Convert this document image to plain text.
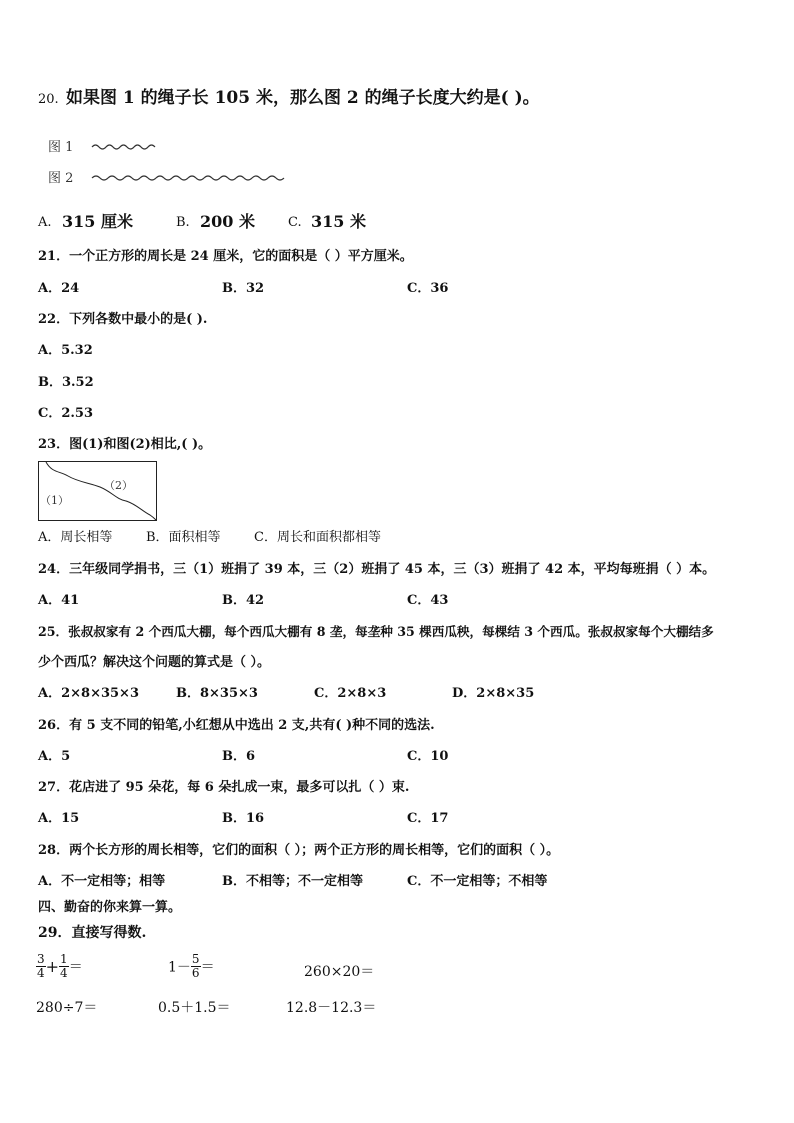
20. 如果图 1 的绳子长 105 米，那么图 2 的绳子长度大约是( )。
图 1
图 2
A. 315 厘米	B. 200 米	C. 315 米
21．一个正方形的周长是 24 厘米，它的面积是（ ）平方厘米。
A．24	B．32	C．36
22．下列各数中最小的是( ).
A．5.32
B．3.52
C．2.53
23．图(1)和图(2)相比,( )。
（1）
（2）
A．周长相等	B．面积相等	C．周长和面积都相等
24．三年级同学捐书，三（1）班捐了 39 本，三（2）班捐了 45 本，三（3）班捐了 42 本，平均每班捐（ ）本。
A．41	B．42	C．43
25．张叔叔家有 2 个西瓜大棚，每个西瓜大棚有 8 垄，每垄种 35 棵西瓜秧，每棵结 3 个西瓜。张叔叔家每个大棚结多
少个西瓜？解决这个问题的算式是（ ）。
A．2×8×35×3	B．8×35×3	C．2×8×3	D．2×8×35
26．有 5 支不同的铅笔,小红想从中选出 2 支,共有( )种不同的选法.
A．5	B．6	C．10
27．花店进了 95 朵花，每 6 朵扎成一束，最多可以扎（ ）束.
A．15	B．16	C．17
28．两个长方形的周长相等，它们的面积（ ）；两个正方形的周长相等，它们的面积（ ）。
A．不一定相等；相等	B．不相等；不一定相等	C．不一定相等；不相等
四、勤奋的你来算一算。
29．直接写得数.
$\frac{3}{4} + \frac{1}{4}$ ＝	$1- \frac{5}{6}$ ＝	260×20＝
280÷7＝	0.5＋1.5＝	12.8－12.3＝
